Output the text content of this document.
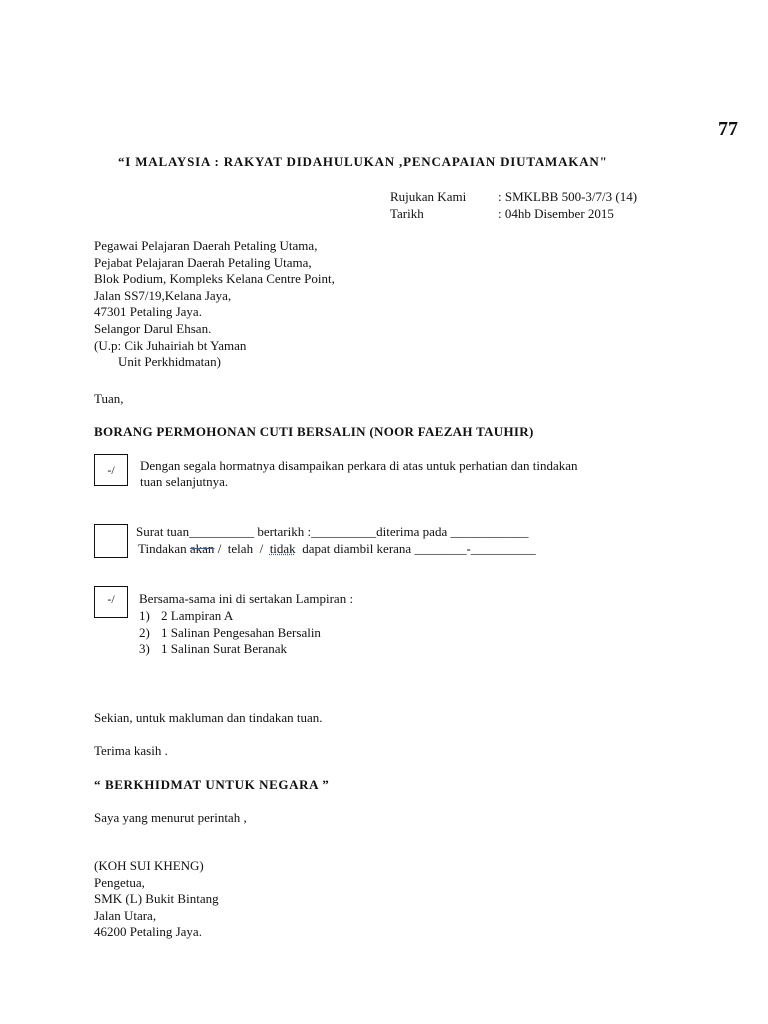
77
“I MALAYSIA : RAKYAT DIDAHULUKAN ,PENCAPAIAN DIUTAMAKAN"
Rujukan Kami : SMKLBB 500-3/7/3 (14)
Tarikh	: 04hb Disember 2015
Pegawai Pelajaran Daerah Petaling Utama,
Pejabat Pelajaran Daerah Petaling Utama,
Blok Podium, Kompleks Kelana Centre Point,
Jalan SS7/19,Kelana Jaya,
47301 Petaling Jaya.
Selangor Darul Ehsan.
(U.p: Cik Juhairiah bt Yaman
Unit Perkhidmatan)
Tuan,
BORANG PERMOHONAN CUTI BERSALIN (NOOR FAEZAH TAUHIR)
-/	Dengan segala hormatnya disampaikan perkara di atas untuk perhatian dan tindakan
tuan selanjutnya.
Surat tuan__________ bertarikh :__________diterima pada ____________
Tindakan akan /  telah  /  tidak  dapat diambil kerana ________-__________
-/	Bersama-sama ini di sertakan Lampiran :
1) 2 Lampiran A
2) 1 Salinan Pengesahan Bersalin
3) 1 Salinan Surat Beranak
Sekian, untuk makluman dan tindakan tuan.
Terima kasih .
“ BERKHIDMAT UNTUK NEGARA ”
Saya yang menurut perintah ,
(KOH SUI KHENG)
Pengetua,
SMK (L) Bukit Bintang
Jalan Utara,
46200 Petaling Jaya.
